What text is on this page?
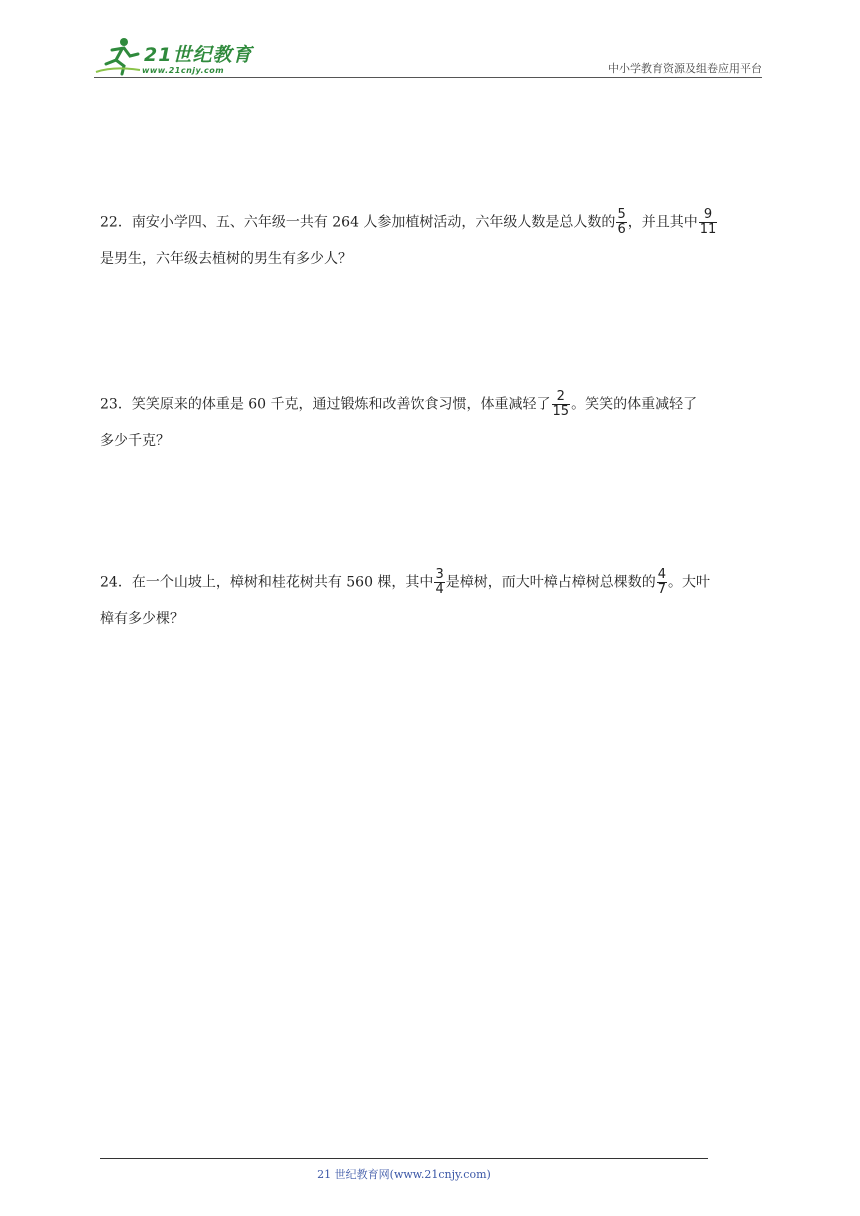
21世纪教育
www.21cnjy.com	中小学教育资源及组卷应用平台
22．南安小学四、五、六年级一共有 264 人参加植树活动，六年级人数是总人数的 $\frac{5}{6}$ ，并且其中 $\frac{9}{11}$
是男生，六年级去植树的男生有多少人？
23．笑笑原来的体重是 60 千克，通过锻炼和改善饮食习惯，体重减轻了 $\frac{2}{15}$ 。笑笑的体重减轻了
多少千克？
24．在一个山坡上，樟树和桂花树共有 560 棵，其中 $\frac{3}{4}$ 是樟树，而大叶樟占樟树总棵数的 $\frac{4}{7}$ 。大叶
樟有多少棵？
21 世纪教育网(www.21cnjy.com)
